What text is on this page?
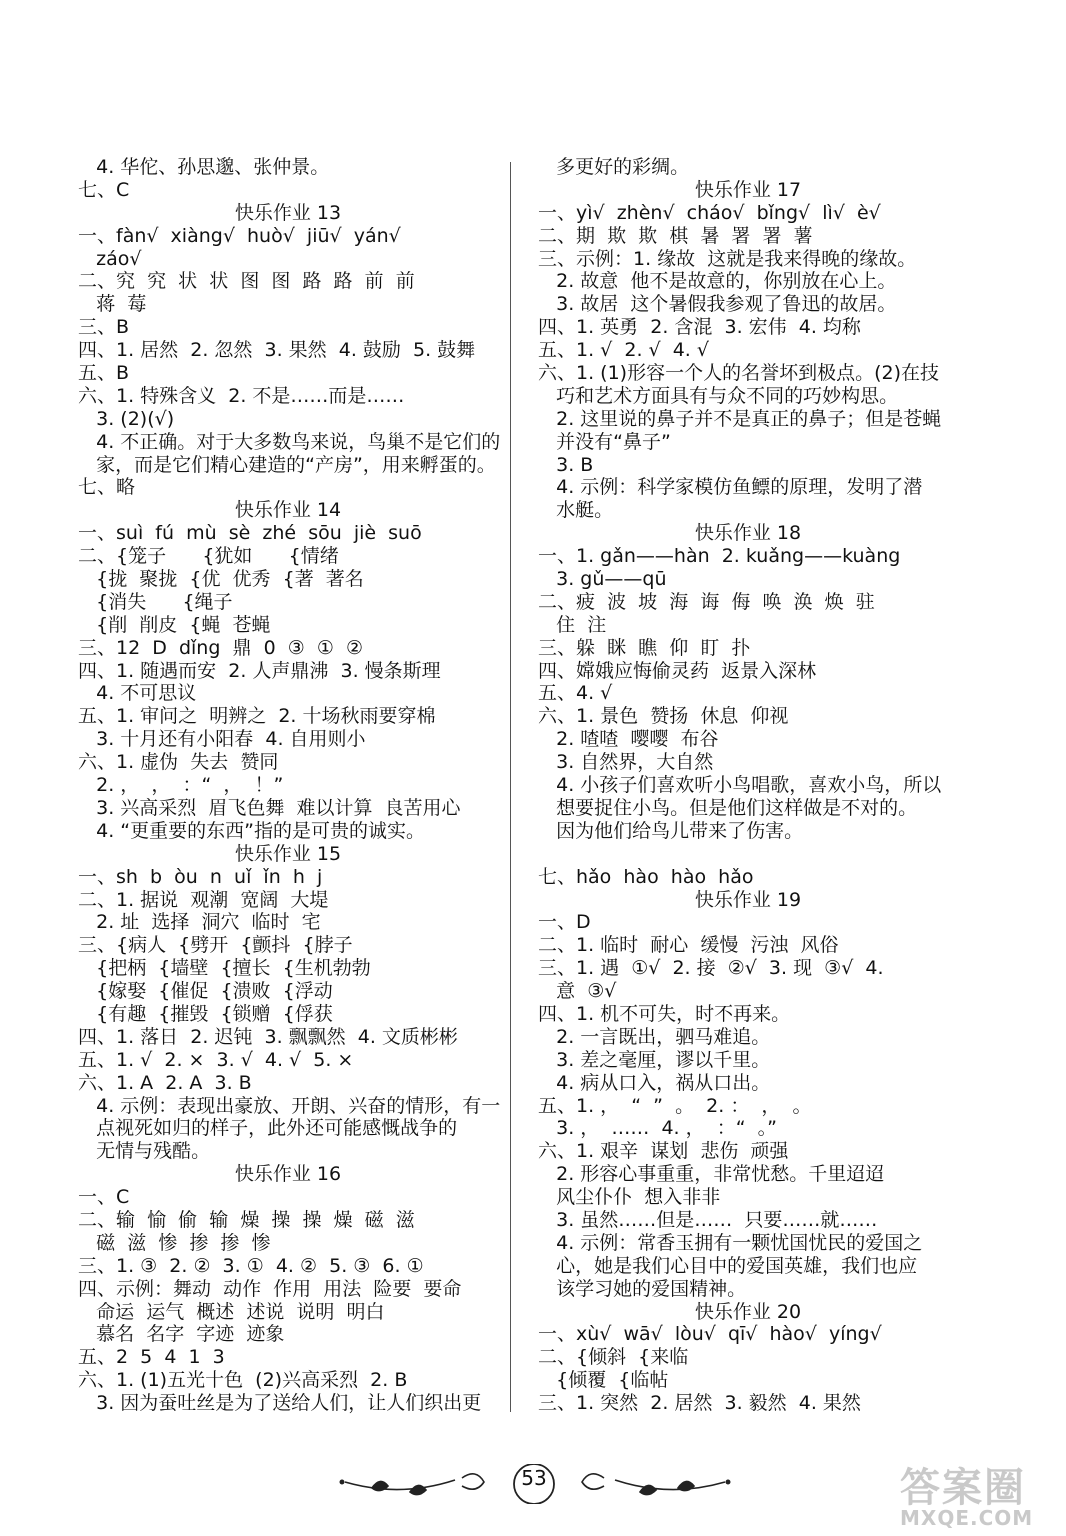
4. 华佗、孙思邈、张仲景。
七、C
快乐作业 13
一、fàn√  xiàng√  huò√  jiū√  yán√
záo√
二、究  究  状  状  图  图  路  路  前  前
蒋  莓
三、B
四、1. 居然  2. 忽然  3. 果然  4. 鼓励  5. 鼓舞
五、B
六、1. 特殊含义  2. 不是……而是……
3. (2)(√)
4. 不正确。对于大多数鸟来说，鸟巢不是它们的
家，而是它们精心建造的“产房”，用来孵蛋的。
七、略
快乐作业 14
一、suì  fú  mù  sè  zhé  sōu  jiè  suō
二、{笼子      {犹如      {情绪
{拢  聚拢  {优  优秀  {著  著名
{消失      {绳子
{削  削皮  {蝇  苍蝇
三、12  D  dǐng  鼎  0  ③  ①  ②
四、1. 随遇而安  2. 人声鼎沸  3. 慢条斯理
4. 不可思议
五、1. 审问之  明辨之  2. 十场秋雨要穿棉
3. 十月还有小阳春  4. 自用则小
六、1. 虚伪  失去  赞同
2. ，  ，  ：“  ，  ！”
3. 兴高采烈  眉飞色舞  难以计算  良苦用心
4. “更重要的东西”指的是可贵的诚实。
快乐作业 15
一、sh  b  òu  n  uǐ  ǐn  h  j
二、1. 据说  观潮  宽阔  大堤
2. 址  选择  洞穴  临时  宅
三、{病人  {劈开  {颤抖  {脖子
{把柄  {墙壁  {擅长  {生机勃勃
{嫁娶  {催促  {溃败  {浮动
{有趣  {摧毁  {锁赠  {俘获
四、1. 落日  2. 迟钝  3. 飘飘然  4. 文质彬彬
五、1. √  2. ×  3. √  4. √  5. ×
六、1. A  2. A  3. B
4. 示例：表现出豪放、开朗、兴奋的情形，有一
点视死如归的样子，此外还可能感慨战争的
无情与残酷。
快乐作业 16
一、C
二、输  愉  偷  输  燥  操  操  燥  磁  滋
磁  滋  惨  掺  掺  惨
三、1. ③  2. ②  3. ①  4. ②  5. ③  6. ①
四、示例：舞动  动作  作用  用法  险要  要命
命运  运气  概述  述说  说明  明白
慕名  名字  字迹  迹象
五、2  5  4  1  3
六、1. (1)五光十色  (2)兴高采烈  2. B
3. 因为蚕吐丝是为了送给人们，让人们织出更
多更好的彩绸。
快乐作业 17
一、yì√  zhèn√  cháo√  bǐng√  lì√  è√
二、期  欺  欺  棋  暑  署  署  薯
三、示例：1. 缘故  这就是我来得晚的缘故。
2. 故意  他不是故意的，你别放在心上。
3. 故居  这个暑假我参观了鲁迅的故居。
四、1. 英勇  2. 含混  3. 宏伟  4. 均称
五、1. √  2. √  4. √
六、1. (1)形容一个人的名誉坏到极点。(2)在技
巧和艺术方面具有与众不同的巧妙构思。
2. 这里说的鼻子并不是真正的鼻子；但是苍蝇
并没有“鼻子”
3. B
4. 示例：科学家模仿鱼鳔的原理，发明了潜
水艇。
快乐作业 18
一、1. gǎn——hàn  2. kuǎng——kuàng
3. gǔ——qū
二、疲  波  坡  海  诲  侮  唤  涣  焕  驻
住  注
三、躲  眯  瞧  仰  盯  扑
四、嫦娥应悔偷灵药  返景入深林
五、4. √
六、1. 景色  赞扬  休息  仰视
2. 喳喳  嘤嘤  布谷
3. 自然界，大自然
4. 小孩子们喜欢听小鸟唱歌，喜欢小鸟，所以
想要捉住小鸟。但是他们这样做是不对的。
因为他们给鸟儿带来了伤害。
七、hǎo  hào  hào  hǎo
快乐作业 19
一、D
二、1. 临时  耐心  缓慢  污浊  风俗
三、1. 遇  ①√  2. 接  ②√  3. 现  ③√  4.
意  ③√
四、1. 机不可失，时不再来。
2. 一言既出，驷马难追。
3. 差之毫厘，谬以千里。
4. 病从口入，祸从口出。
五、1. ，  “  ”  。  2. ：  ，  。
3. ，  ……  4. ，  ：“  。”
六、1. 艰辛  谋划  悲伤  顽强
2. 形容心事重重，非常忧愁。千里迢迢
风尘仆仆  想入非非
3. 虽然……但是……  只要……就……
4. 示例：常香玉拥有一颗忧国忧民的爱国之
心，她是我们心目中的爱国英雄，我们也应
该学习她的爱国精神。
快乐作业 20
一、xù√  wā√  lòu√  qī√  hào√  yíng√
二、{倾斜  {来临
{倾覆  {临帖
三、1. 突然  2. 居然  3. 毅然  4. 果然
53	答案圈
MXQE.COM
